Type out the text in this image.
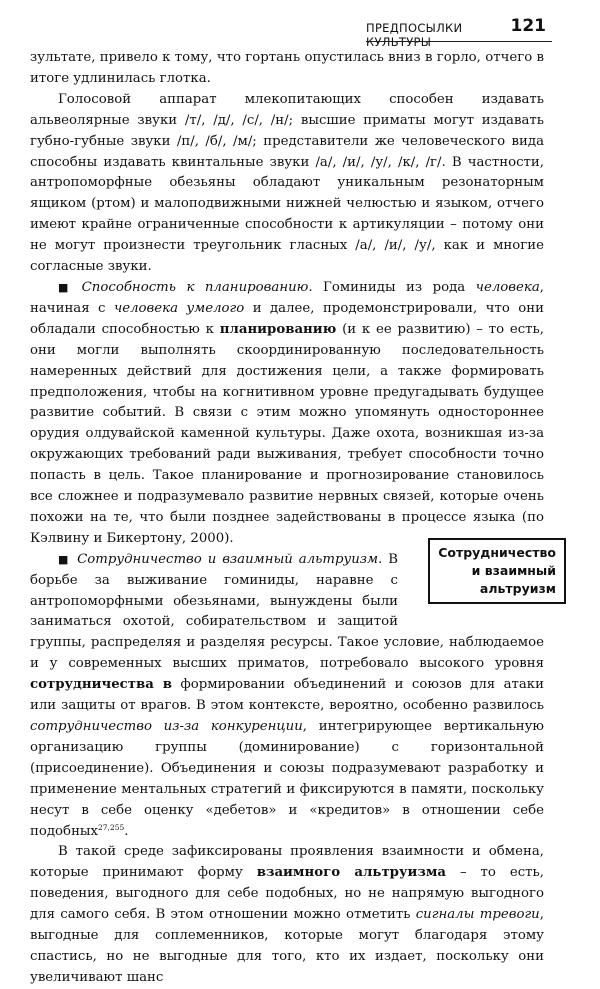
ПРЕДПОСЫЛКИ КУЛЬТУРЫ
121
Сотрудничество
и взаимный
альтруизм

зультате, привело к тому, что гортань опустилась вниз в горло, отчего в итоге удлинилась глотка.

Голосовой аппарат млекопитающих способен издавать альвеолярные звуки /т/, /д/, /с/, /н/; высшие приматы могут издавать губно-губные звуки /п/, /б/, /м/; представители же человеческого вида способны издавать квинтальные звуки /а/, /и/, /у/, /к/, /г/. В частности, антропоморфные обезьяны обладают уникальным резонаторным ящиком (ртом) и малоподвижными нижней челюстью и языком, отчего имеют крайне ограниченные способности к артикуляции – потому они не могут произнести треугольник гласных /а/, /и/, /у/, как и многие согласные звуки.

■ Способность к планированию. Гоминиды из рода человека, начиная с человека умелого и далее, продемонстрировали, что они обладали способностью к планированию (и к ее развитию) – то есть, они могли выполнять скоординированную последовательность намеренных действий для достижения цели, а также формировать предположения, чтобы на когнитивном уровне предугадывать будущее развитие событий. В связи с этим можно упомянуть одностороннее орудия олдувайской каменной культуры. Даже охота, возникшая из-за окружающих требований ради выживания, требует способности точно попасть в цель. Такое планирование и прогнозирование становилось все сложнее и подразумевало развитие нервных связей, которые очень похожи на те, что были позднее задействованы в процессе языка (по Кэлвину и Бикертону, 2000).

■ Сотрудничество и взаимный альтруизм. В борьбе за выживание гоминиды, наравне с антропоморфными обезьянами, вынуждены были заниматься охотой, собирательством и защитой группы, распределяя и разделяя ресурсы. Такое условие, наблюдаемое и у современных высших приматов, потребовало высокого уровня сотрудничества в формировании объединений и союзов для атаки или защиты от врагов. В этом контексте, вероятно, особенно развилось сотрудничество из-за конкуренции, интегрирующее вертикальную организацию группы (доминирование) с горизонтальной (присоединение). Объединения и союзы подразумевают разработку и применение ментальных стратегий и фиксируются в памяти, поскольку несут в себе оценку «дебетов» и «кредитов» в отношении себе подобных$^{27,255}$.

В такой среде зафиксированы проявления взаимности и обмена, которые принимают форму взаимного альтруизма – то есть, поведения, выгодного для себе подобных, но не напрямую выгодного для самого себя. В этом отношении можно отметить сигналы тревоги, выгодные для соплеменников, которые могут благодаря этому спастись, но не выгодные для того, кто их издает, поскольку они увеличивают шанс
